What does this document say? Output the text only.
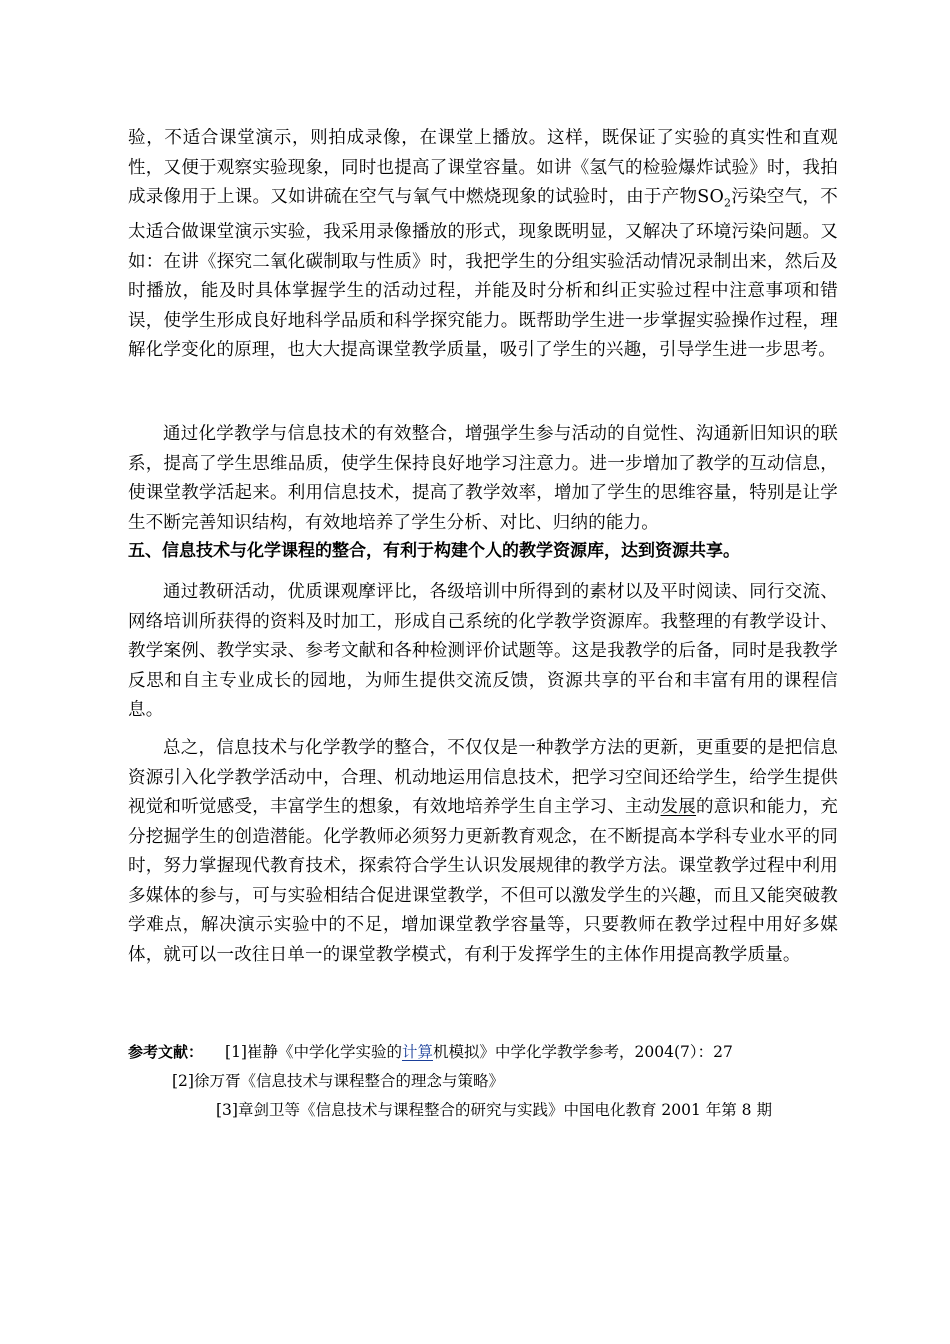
验，不适合课堂演示，则拍成录像，在课堂上播放。这样，既保证了实验的真实性和直观性，又便于观察实验现象，同时也提高了课堂容量。如讲《氢气的检验爆炸试验》时，我拍成录像用于上课。又如讲硫在空气与氧气中燃烧现象的试验时，由于产物$SO_2$污染空气，不太适合做课堂演示实验，我采用录像播放的形式，现象既明显，又解决了环境污染问题。又如：在讲《探究二氧化碳制取与性质》时，我把学生的分组实验活动情况录制出来，然后及时播放，能及时具体掌握学生的活动过程，并能及时分析和纠正实验过程中注意事项和错误，使学生形成良好地科学品质和科学探究能力。既帮助学生进一步掌握实验操作过程，理解化学变化的原理，也大大提高课堂教学质量，吸引了学生的兴趣，引导学生进一步思考。
通过化学教学与信息技术的有效整合，增强学生参与活动的自觉性、沟通新旧知识的联系，提高了学生思维品质，使学生保持良好地学习注意力。进一步增加了教学的互动信息，使课堂教学活起来。利用信息技术，提高了教学效率，增加了学生的思维容量，特别是让学生不断完善知识结构，有效地培养了学生分析、对比、归纳的能力。
五、信息技术与化学课程的整合，有利于构建个人的教学资源库，达到资源共享。
通过教研活动，优质课观摩评比，各级培训中所得到的素材以及平时阅读、同行交流、网络培训所获得的资料及时加工，形成自己系统的化学教学资源库。我整理的有教学设计、教学案例、教学实录、参考文献和各种检测评价试题等。这是我教学的后备，同时是我教学反思和自主专业成长的园地，为师生提供交流反馈，资源共享的平台和丰富有用的课程信息。
总之，信息技术与化学教学的整合，不仅仅是一种教学方法的更新，更重要的是把信息资源引入化学教学活动中，合理、机动地运用信息技术，把学习空间还给学生，给学生提供视觉和听觉感受，丰富学生的想象，有效地培养学生自主学习、主动发展的意识和能力，充分挖掘学生的创造潜能。化学教师必须努力更新教育观念，在不断提高本学科专业水平的同时，努力掌握现代教育技术，探索符合学生认识发展规律的教学方法。课堂教学过程中利用多媒体的参与，可与实验相结合促进课堂教学，不但可以激发学生的兴趣，而且又能突破教学难点，解决演示实验中的不足，增加课堂教学容量等，只要教师在教学过程中用好多媒体，就可以一改往日单一的课堂教学模式，有利于发挥学生的主体作用提高教学质量。
参考文献： [1]崔静《中学化学实验的计算机模拟》中学化学教学参考，2004(7）：27
[2]徐万胥《信息技术与课程整合的理念与策略》
[3]章剑卫等《信息技术与课程整合的研究与实践》中国电化教育 2001 年第 8 期
